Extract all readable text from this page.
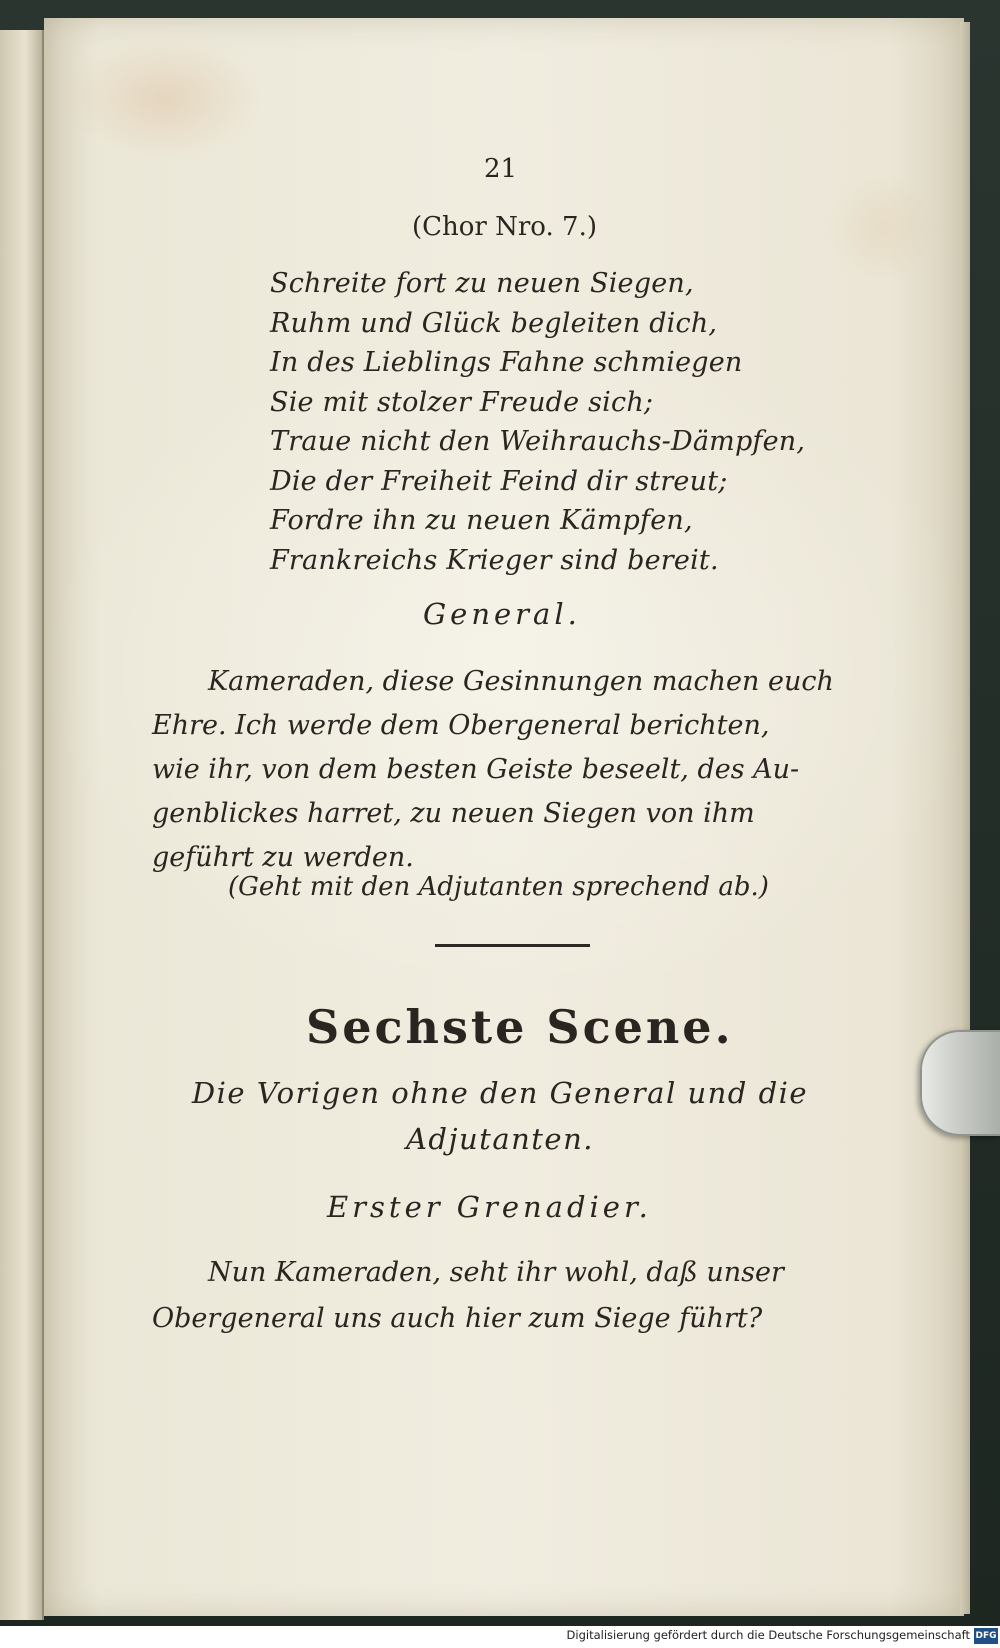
21
(Chor Nro. 7.)
Schreite fort zu neuen Siegen,
Ruhm und Glück begleiten dich,
In des Lieblings Fahne schmiegen
Sie mit stolzer Freude sich;
Traue nicht den Weihrauchs-Dämpfen,
Die der Freiheit Feind dir streut;
Fordre ihn zu neuen Kämpfen,
Frankreichs Krieger sind bereit.
General.
Kameraden, diese Gesinnungen machen euch
Ehre. Ich werde dem Obergeneral berichten,
wie ihr, von dem besten Geiste beseelt, des Au-
genblickes harret, zu neuen Siegen von ihm
geführt zu werden.
(Geht mit den Adjutanten sprechend ab.)
Sechste Scene.
Die Vorigen ohne den General und die
Adjutanten.
Erster Grenadier.
Nun Kameraden, seht ihr wohl, daß unser
Obergeneral uns auch hier zum Siege führt?
Digitalisierung gefördert durch die Deutsche Forschungsgemeinschaft DFG
